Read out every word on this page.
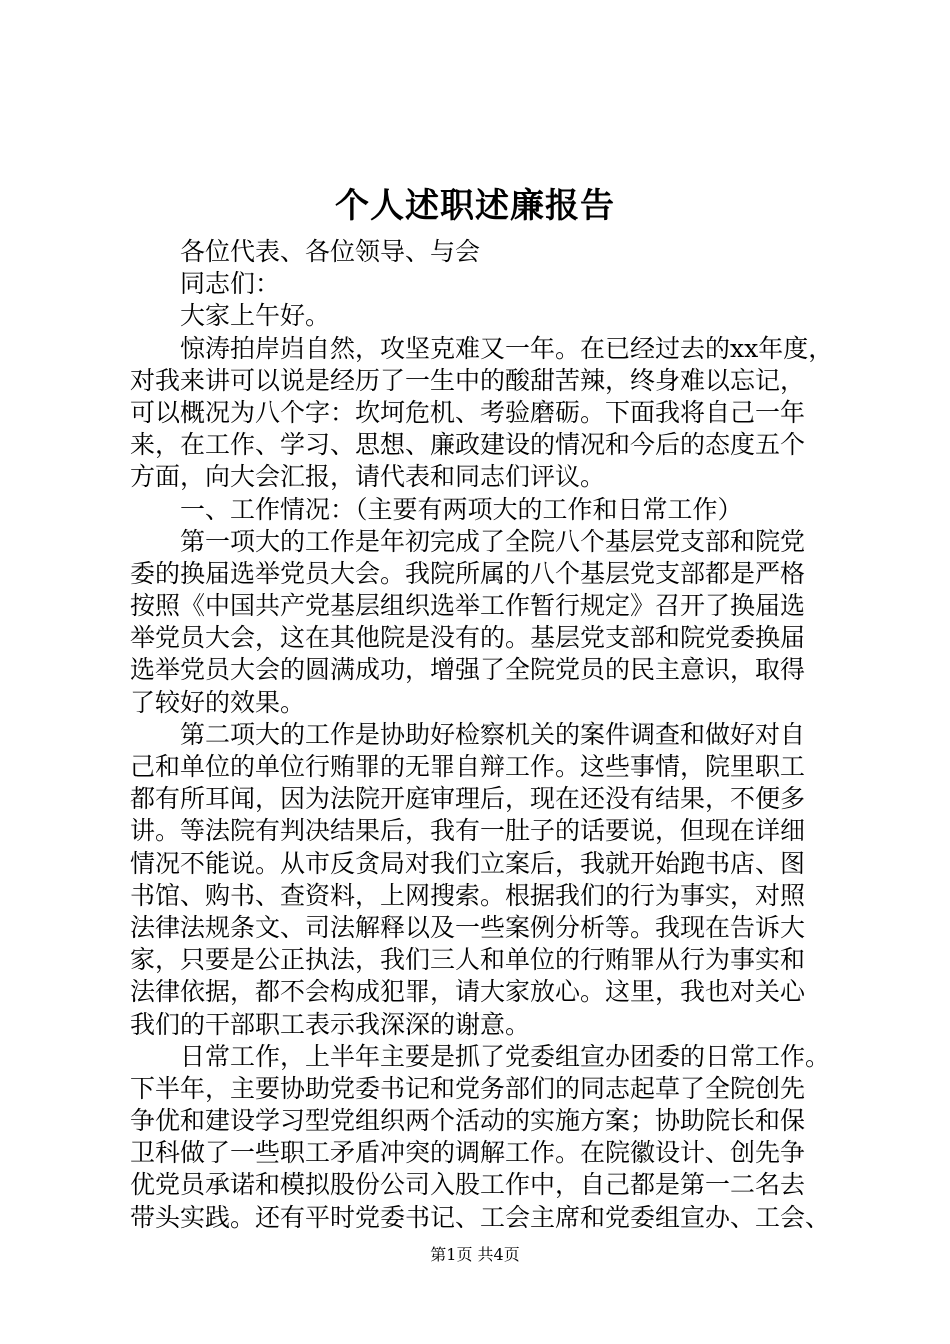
个人述职述廉报告
各位代表、各位领导、与会
同志们：
大家上午好。
惊涛拍岸岿自然，攻坚克难又一年。在已经过去的xx年度，
对我来讲可以说是经历了一生中的酸甜苦辣，终身难以忘记，
可以概况为八个字：坎坷危机、考验磨砺。下面我将自己一年
来，在工作、学习、思想、廉政建设的情况和今后的态度五个
方面，向大会汇报，请代表和同志们评议。
一、工作情况：（主要有两项大的工作和日常工作）
第一项大的工作是年初完成了全院八个基层党支部和院党
委的换届选举党员大会。我院所属的八个基层党支部都是严格
按照《中国共产党基层组织选举工作暂行规定》召开了换届选
举党员大会，这在其他院是没有的。基层党支部和院党委换届
选举党员大会的圆满成功，增强了全院党员的民主意识，取得
了较好的效果。
第二项大的工作是协助好检察机关的案件调查和做好对自
己和单位的单位行贿罪的无罪自辩工作。这些事情，院里职工
都有所耳闻，因为法院开庭审理后，现在还没有结果，不便多
讲。等法院有判决结果后，我有一肚子的话要说，但现在详细
情况不能说。从市反贪局对我们立案后，我就开始跑书店、图
书馆、购书、查资料，上网搜索。根据我们的行为事实，对照
法律法规条文、司法解释以及一些案例分析等。我现在告诉大
家，只要是公正执法，我们三人和单位的行贿罪从行为事实和
法律依据，都不会构成犯罪，请大家放心。这里，我也对关心
我们的干部职工表示我深深的谢意。
日常工作，上半年主要是抓了党委组宣办团委的日常工作。
下半年，主要协助党委书记和党务部们的同志起草了全院创先
争优和建设学习型党组织两个活动的实施方案；协助院长和保
卫科做了一些职工矛盾冲突的调解工作。在院徽设计、创先争
优党员承诺和模拟股份公司入股工作中，自己都是第一二名去
带头实践。还有平时党委书记、工会主席和党委组宣办、工会、
第1页 共4页
